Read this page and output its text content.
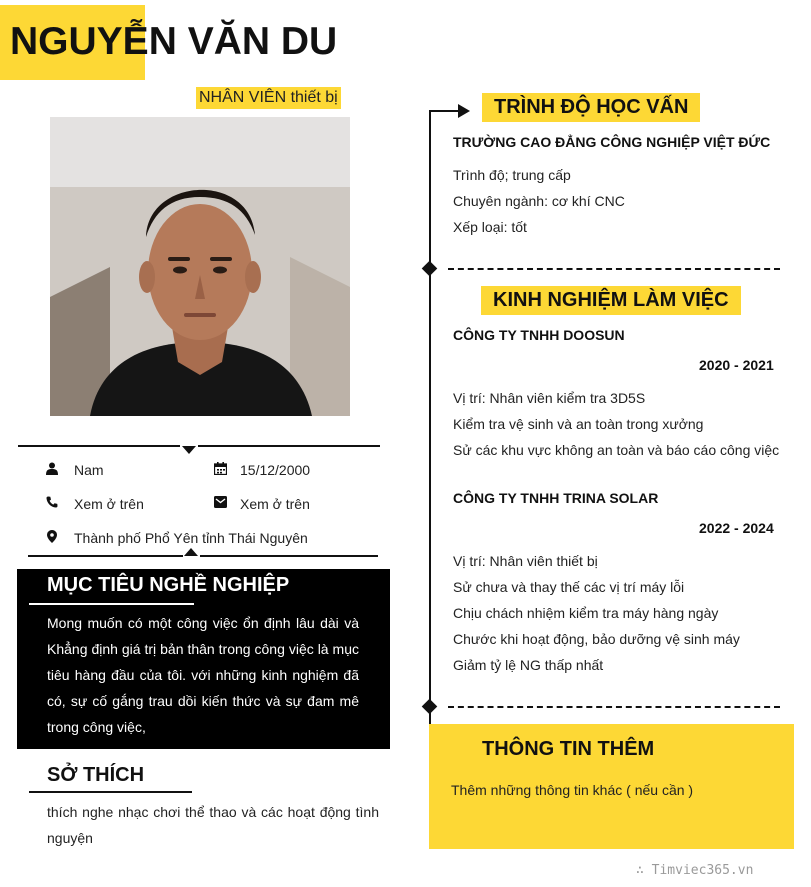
NGUYỄN VĂN DU
NHÂN VIÊN thiết bị
Nam	15/12/2000
Xem ở trên	Xem ở trên
Thành phố Phổ Yên tỉnh Thái Nguyên
MỤC TIÊU NGHỀ NGHIỆP
Mong muốn có một công việc ổn định lâu dài và Khẳng định giá trị bản thân trong công việc là mục tiêu hàng đầu của tôi. với những kinh nghiệm đã có, sự cố gắng trau dồi kiến thức và sự đam mê trong công việc,
SỞ THÍCH
thích nghe nhạc chơi thể thao và các hoạt động tình nguyện
TRÌNH ĐỘ HỌC VẤN
TRƯỜNG CAO ĐẲNG CÔNG NGHIỆP VIỆT ĐỨC
Trình độ; trung cấp
Chuyên ngành: cơ khí CNC
Xếp loại: tốt
KINH NGHIỆM LÀM VIỆC
CÔNG TY TNHH DOOSUN
2020 - 2021
Vị trí: Nhân viên kiểm tra 3D5S
Kiểm tra vệ sinh và an toàn trong xưởng
Sử các khu vực không an toàn và báo cáo công việc
CÔNG TY TNHH TRINA SOLAR
2022 - 2024
Vị trí: Nhân viên thiết bị
Sử chưa và thay thế các vị trí máy lỗi
Chịu chách nhiệm kiểm tra máy hàng ngày
Chước khi hoạt động, bảo dưỡng vệ sinh máy
Giảm tỷ lệ NG thấp nhất
THÔNG TIN THÊM
Thêm những thông tin khác ( nếu cần )
∴ Timviec365.vn
